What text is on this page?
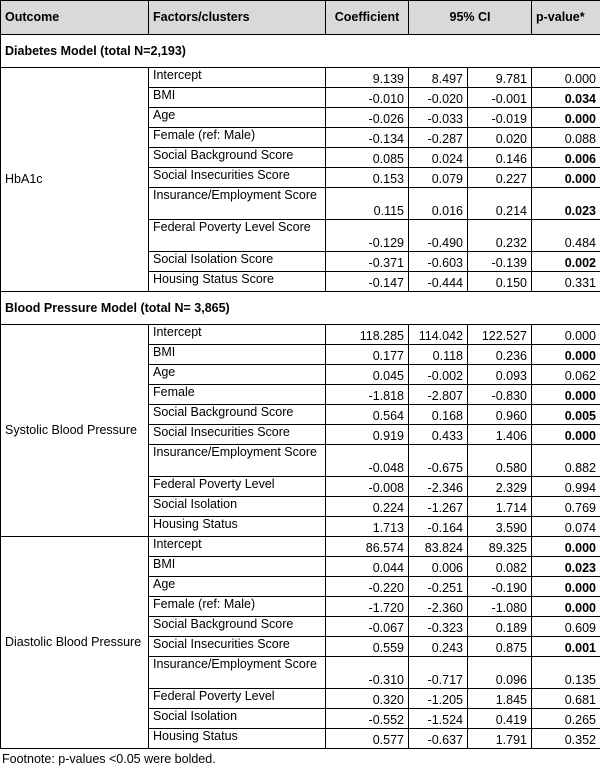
Outcome	Factors/clusters	Coefficient	95% CI		p-value*
Diabetes Model (total N=2,193)					
HbA1c	Intercept	9.139	8.497	9.781	0.000
	BMI	-0.010	-0.020	-0.001	0.034
	Age	-0.026	-0.033	-0.019	0.000
	Female (ref: Male)	-0.134	-0.287	0.020	0.088
	Social Background Score	0.085	0.024	0.146	0.006
	Social Insecurities Score	0.153	0.079	0.227	0.000
	Insurance/Employment Score	0.115	0.016	0.214	0.023
	Federal Poverty Level Score	-0.129	-0.490	0.232	0.484
	Social Isolation Score	-0.371	-0.603	-0.139	0.002
	Housing Status Score	-0.147	-0.444	0.150	0.331
Blood Pressure Model (total N= 3,865)					
Systolic Blood Pressure	Intercept	118.285	114.042	122.527	0.000
	BMI	0.177	0.118	0.236	0.000
	Age	0.045	-0.002	0.093	0.062
	Female	-1.818	-2.807	-0.830	0.000
	Social Background Score	0.564	0.168	0.960	0.005
	Social Insecurities Score	0.919	0.433	1.406	0.000
	Insurance/Employment Score	-0.048	-0.675	0.580	0.882
	Federal Poverty Level	-0.008	-2.346	2.329	0.994
	Social Isolation	0.224	-1.267	1.714	0.769
	Housing Status	1.713	-0.164	3.590	0.074
Diastolic Blood Pressure	Intercept	86.574	83.824	89.325	0.000
	BMI	0.044	0.006	0.082	0.023
	Age	-0.220	-0.251	-0.190	0.000
	Female (ref: Male)	-1.720	-2.360	-1.080	0.000
	Social Background Score	-0.067	-0.323	0.189	0.609
	Social Insecurities Score	0.559	0.243	0.875	0.001
	Insurance/Employment Score	-0.310	-0.717	0.096	0.135
	Federal Poverty Level	0.320	-1.205	1.845	0.681
	Social Isolation	-0.552	-1.524	0.419	0.265
	Housing Status	0.577	-0.637	1.791	0.352
Footnote: p-values <0.05 were bolded.
